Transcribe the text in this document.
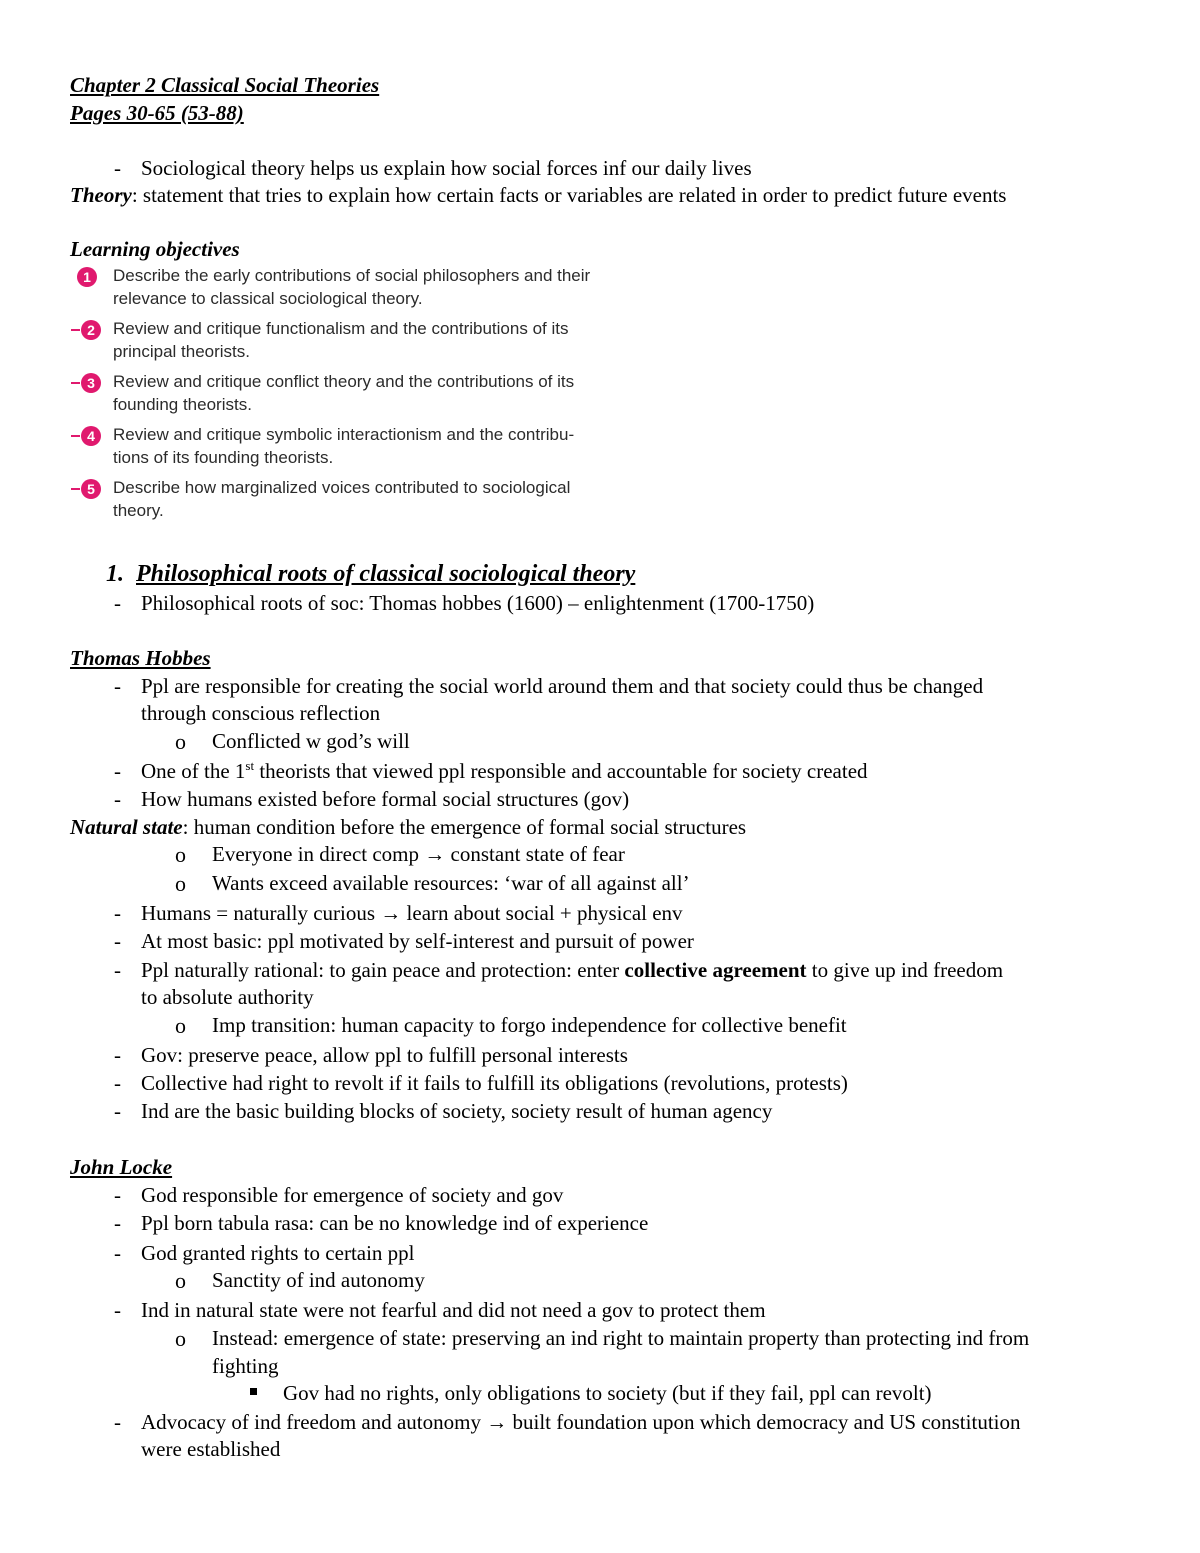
Chapter 2 Classical Social Theories
Pages 30-65 (53-88)
- Sociological theory helps us explain how social forces inf our daily lives
Theory: statement that tries to explain how certain facts or variables are related in order to predict future events
Learning objectives
1 Describe the early contributions of social philosophers and their
relevance to classical sociological theory.
2 Review and critique functionalism and the contributions of its
principal theorists.
3 Review and critique conflict theory and the contributions of its
founding theorists.
4 Review and critique symbolic interactionism and the contribu-
tions of its founding theorists.
5 Describe how marginalized voices contributed to sociological
theory.
1. Philosophical roots of classical sociological theory
- Philosophical roots of soc: Thomas hobbes (1600) – enlightenment (1700-1750)
Thomas Hobbes
- Ppl are responsible for creating the social world around them and that society could thus be changed
through conscious reflection
o Conflicted w god’s will
- One of the 1st theorists that viewed ppl responsible and accountable for society created
- How humans existed before formal social structures (gov)
Natural state: human condition before the emergence of formal social structures
o Everyone in direct comp → constant state of fear
o Wants exceed available resources: ‘war of all against all’
- Humans = naturally curious → learn about social + physical env
- At most basic: ppl motivated by self-interest and pursuit of power
- Ppl naturally rational: to gain peace and protection: enter collective agreement to give up ind freedom
to absolute authority
o Imp transition: human capacity to forgo independence for collective benefit
- Gov: preserve peace, allow ppl to fulfill personal interests
- Collective had right to revolt if it fails to fulfill its obligations (revolutions, protests)
- Ind are the basic building blocks of society, society result of human agency
John Locke
- God responsible for emergence of society and gov
- Ppl born tabula rasa: can be no knowledge ind of experience
- God granted rights to certain ppl
o Sanctity of ind autonomy
- Ind in natural state were not fearful and did not need a gov to protect them
o Instead: emergence of state: preserving an ind right to maintain property than protecting ind from
fighting
Gov had no rights, only obligations to society (but if they fail, ppl can revolt)
- Advocacy of ind freedom and autonomy → built foundation upon which democracy and US constitution
were established
